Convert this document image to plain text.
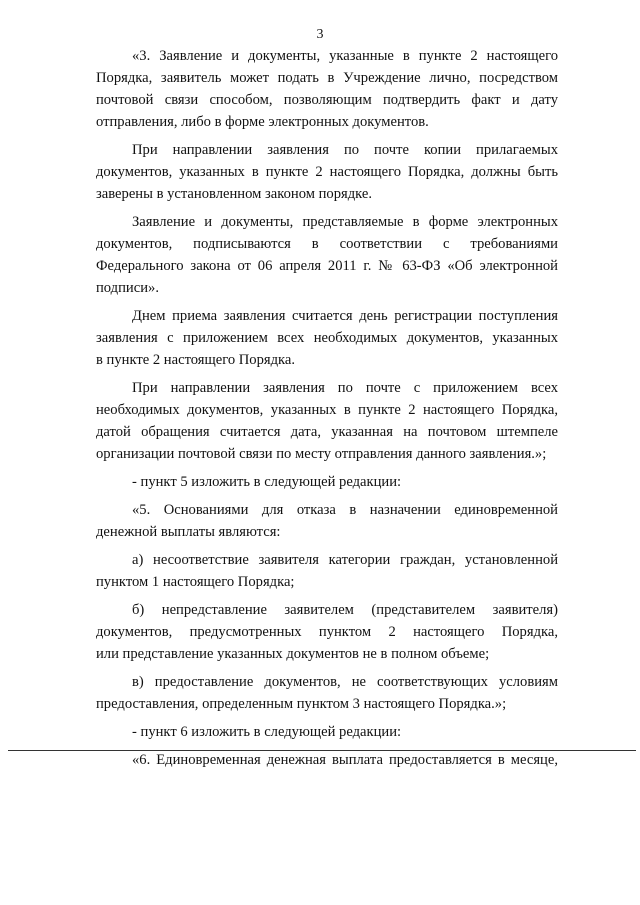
3
«3. Заявление и документы, указанные в пункте 2 настоящего
Порядка, заявитель может подать в Учреждение лично, посредством
почтовой связи способом, позволяющим подтвердить факт и дату
отправления, либо в форме электронных документов.
При направлении заявления по почте копии прилагаемых
документов, указанных в пункте 2 настоящего Порядка, должны быть
заверены в установленном законом порядке.
Заявление и документы, представляемые в форме электронных
документов, подписываются в соответствии с требованиями
Федерального закона от 06 апреля 2011 г. № 63-ФЗ «Об электронной
подписи».
Днем приема заявления считается день регистрации поступления
заявления с приложением всех необходимых документов, указанных
в пункте 2 настоящего Порядка.
При направлении заявления по почте с приложением всех
необходимых документов, указанных в пункте 2 настоящего Порядка,
датой обращения считается дата, указанная на почтовом штемпеле
организации почтовой связи по месту отправления данного заявления.»;
- пункт 5 изложить в следующей редакции:
«5. Основаниями для отказа в назначении единовременной
денежной выплаты являются:
а) несоответствие заявителя категории граждан, установленной
пунктом 1 настоящего Порядка;
б) непредставление заявителем (представителем заявителя)
документов, предусмотренных пунктом 2 настоящего Порядка,
или представление указанных документов не в полном объеме;
в) предоставление документов, не соответствующих условиям
предоставления, определенным пунктом 3 настоящего Порядка.»;
- пункт 6 изложить в следующей редакции:
«6. Единовременная денежная выплата предоставляется в месяце,
